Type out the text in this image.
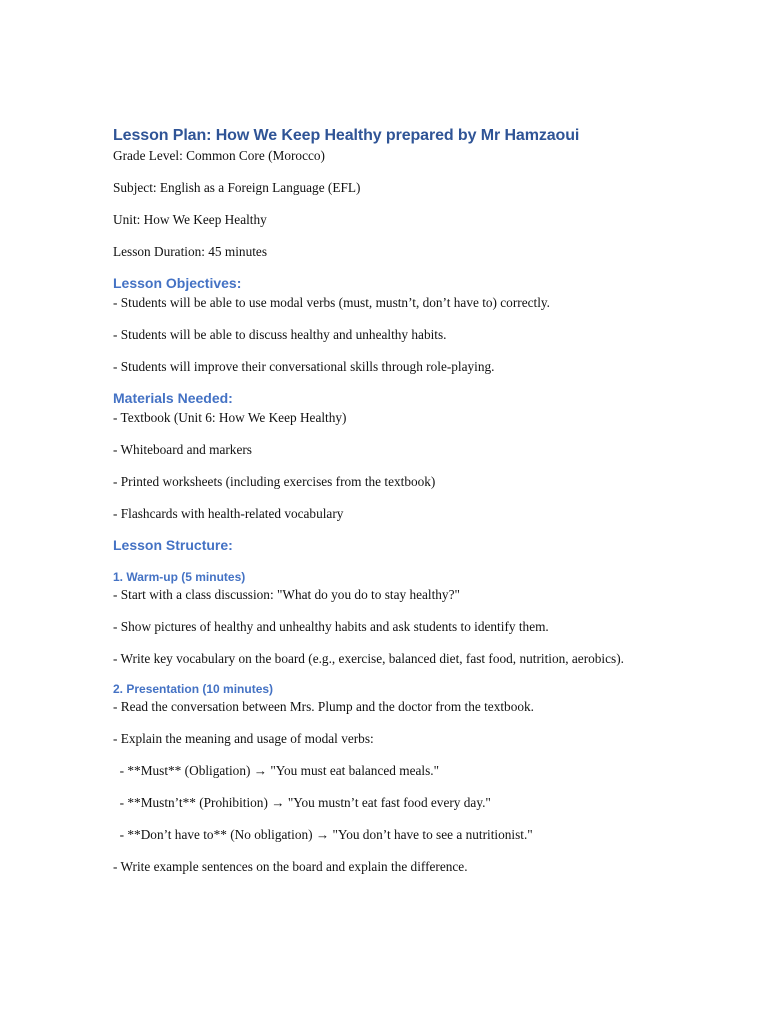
Lesson Plan: How We Keep Healthy prepared by Mr Hamzaoui

Grade Level: Common Core (Morocco)

Subject: English as a Foreign Language (EFL)

Unit: How We Keep Healthy

Lesson Duration: 45 minutes

Lesson Objectives:

- Students will be able to use modal verbs (must, mustn’t, don’t have to) correctly.

- Students will be able to discuss healthy and unhealthy habits.

- Students will improve their conversational skills through role-playing.

Materials Needed:

- Textbook (Unit 6: How We Keep Healthy)

- Whiteboard and markers

- Printed worksheets (including exercises from the textbook)

- Flashcards with health-related vocabulary

Lesson Structure:
1. Warm-up (5 minutes)

- Start with a class discussion: "What do you do to stay healthy?"

- Show pictures of healthy and unhealthy habits and ask students to identify them.

- Write key vocabulary on the board (e.g., exercise, balanced diet, fast food, nutrition, aerobics).

2. Presentation (10 minutes)

- Read the conversation between Mrs. Plump and the doctor from the textbook.

- Explain the meaning and usage of modal verbs:

- **Must** (Obligation) → "You must eat balanced meals."

- **Mustn’t** (Prohibition) → "You mustn’t eat fast food every day."

- **Don’t have to** (No obligation) → "You don’t have to see a nutritionist."

- Write example sentences on the board and explain the difference.
